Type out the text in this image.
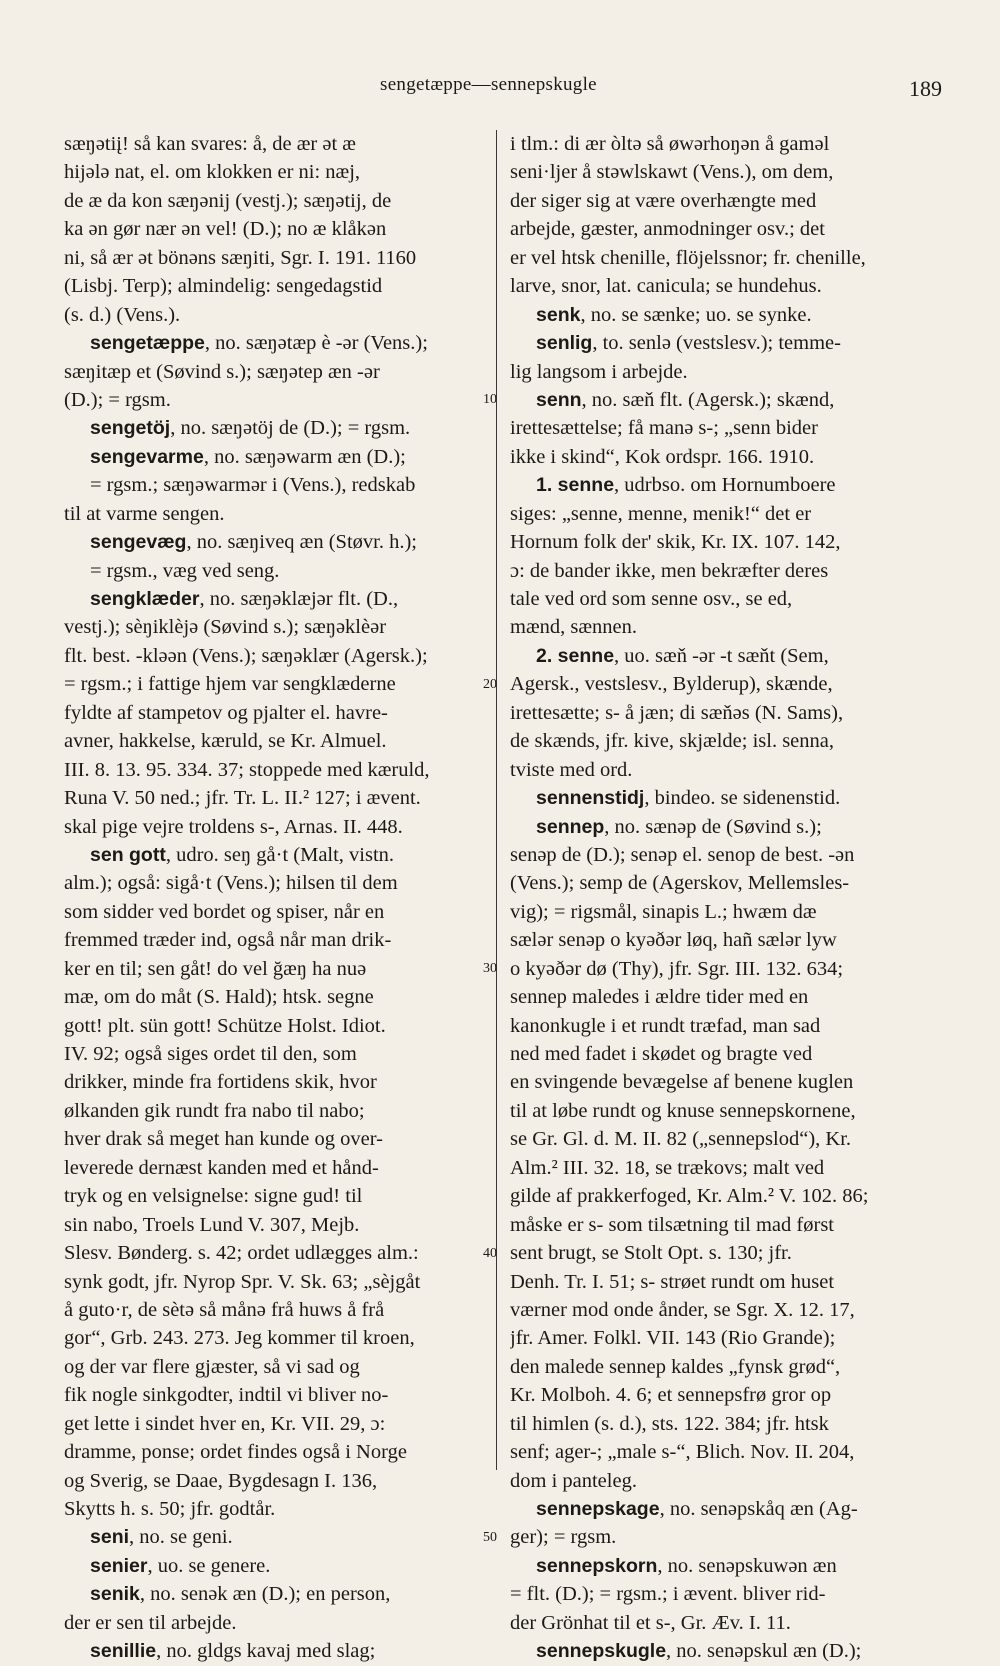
sengetæppe—sennepskugle	189
sæŋətiį! så kan svares: å, de ær ət æ
hijələ nat, el. om klokken er ni: næj,
de æ da kon sæŋənij (vestj.); sæŋətij, de
ka ən gør nær ən vel! (D.); no æ klåkən
ni, så ær ət bönəns sæŋiti, Sgr. I. 191. 1160
(Lisbj. Terp); almindelig: sengedagstid
(s. d.) (Vens.).
sengetæppe, no. sæŋətæp è -ər (Vens.);
sæŋitæp et (Søvind s.); sæŋətep æn -ər
(D.); = rgsm.
sengetöj, no. sæŋətöj de (D.); = rgsm.
sengevarme, no. sæŋəwarm æn (D.);
= rgsm.; sæŋəwarmər i (Vens.), redskab
til at varme sengen.
sengevæg, no. sæŋiveq æn (Støvr. h.);
= rgsm., væg ved seng.
sengklæder, no. sæŋəklæjər flt. (D.,
vestj.); sèŋiklèjə (Søvind s.); sæŋəklèər
flt. best. -kləən (Vens.); sæŋəklær (Agersk.);
= rgsm.; i fattige hjem var sengklæderne
fyldte af stampetov og pjalter el. havre-
avner, hakkelse, kæruld, se Kr. Almuel.
III. 8. 13. 95. 334. 37; stoppede med kæruld,
Runa V. 50 ned.; jfr. Tr. L. II.² 127; i ævent.
skal pige vejre troldens s-, Arnas. II. 448.
sen gott, udro. seŋ gå·t (Malt, vistn.
alm.); også: sigå·t (Vens.); hilsen til dem
som sidder ved bordet og spiser, når en
fremmed træder ind, også når man drik-
ker en til; sen gåt! do vel ğæŋ ha nuə
mæ, om do måt (S. Hald); htsk. segne
gott! plt. sün gott! Schütze Holst. Idiot.
IV. 92; også siges ordet til den, som
drikker, minde fra fortidens skik, hvor
ølkanden gik rundt fra nabo til nabo;
hver drak så meget han kunde og over-
leverede dernæst kanden med et hånd-
tryk og en velsignelse: signe gud! til
sin nabo, Troels Lund V. 307, Mejb.
Slesv. Bønderg. s. 42; ordet udlægges alm.:
synk godt, jfr. Nyrop Spr. V. Sk. 63; „sèjgåt
å guto·r, de sètə så månə frå huws å frå
gor“, Grb. 243. 273. Jeg kommer til kroen,
og der var flere gjæster, så vi sad og
fik nogle sinkgodter, indtil vi bliver no-
get lette i sindet hver en, Kr. VII. 29, ɔ:
dramme, ponse; ordet findes også i Norge
og Sverig, se Daae, Bygdesagn I. 136,
Skytts h. s. 50; jfr. godtår.
seni, no. se geni.
senier, uo. se genere.
senik, no. senək æn (D.); en person,
der er sen til arbejde.
senillie, no. gldgs kavaj med slag;
i tlm.: di ær òltə så øwərhoŋən å gaməl
seni·ljer å stəwlskawt (Vens.), om dem,
der siger sig at være overhængte med
arbejde, gæster, anmodninger osv.; det
er vel htsk chenille, flöjelssnor; fr. chenille,
larve, snor, lat. canicula; se hundehus.
senk, no. se sænke; uo. se synke.
senlig, to. senlə (vestslesv.); temme-
lig langsom i arbejde.
senn, no. sæň flt. (Agersk.); skænd,
irettesættelse; få manə s-; „senn bider
ikke i skind“, Kok ordspr. 166. 1910.
1. senne, udrbso. om Hornumboere
siges: „senne, menne, menik!“ det er
Hornum folk der' skik, Kr. IX. 107. 142,
ɔ: de bander ikke, men bekræfter deres
tale ved ord som senne osv., se ed,
mænd, sænnen.
2. senne, uo. sæň -ər -t sæňt (Sem,
Agersk., vestslesv., Bylderup), skænde,
irettesætte; s- å jæn; di sæňəs (N. Sams),
de skænds, jfr. kive, skjælde; isl. senna,
tviste med ord.
sennenstidj, bindeo. se sidenenstid.
sennep, no. sænəp de (Søvind s.);
senəp de (D.); senəp el. senop de best. -ən
(Vens.); semp de (Agerskov, Mellemsles-
vig); = rigsmål, sinapis L.; hwæm dæ
sælər senəp o kyəðər løq, hañ sælər lyw
o kyəðər dø (Thy), jfr. Sgr. III. 132. 634;
sennep maledes i ældre tider med en
kanonkugle i et rundt træfad, man sad
ned med fadet i skødet og bragte ved
en svingende bevægelse af benene kuglen
til at løbe rundt og knuse sennepskornene,
se Gr. Gl. d. M. II. 82 („sennepslod“), Kr.
Alm.² III. 32. 18, se trækovs; malt ved
gilde af prakkerfoged, Kr. Alm.² V. 102. 86;
måske er s- som tilsætning til mad først
sent brugt, se Stolt Opt. s. 130; jfr.
Denh. Tr. I. 51; s- strøet rundt om huset
værner mod onde ånder, se Sgr. X. 12. 17,
jfr. Amer. Folkl. VII. 143 (Rio Grande);
den malede sennep kaldes „fynsk grød“,
Kr. Molboh. 4. 6; et sennepsfrø gror op
til himlen (s. d.), sts. 122. 384; jfr. htsk
senf; ager-; „male s-“, Blich. Nov. II. 204,
dom i panteleg.
sennepskage, no. senəpskåq æn (Ag-
ger); = rgsm.
sennepskorn, no. senəpskuwən æn
= flt. (D.); = rgsm.; i ævent. bliver rid-
der Grönhat til et s-, Gr. Æv. I. 11.
sennepskugle, no. senəpskul æn (D.);
10
20
30
40
50
